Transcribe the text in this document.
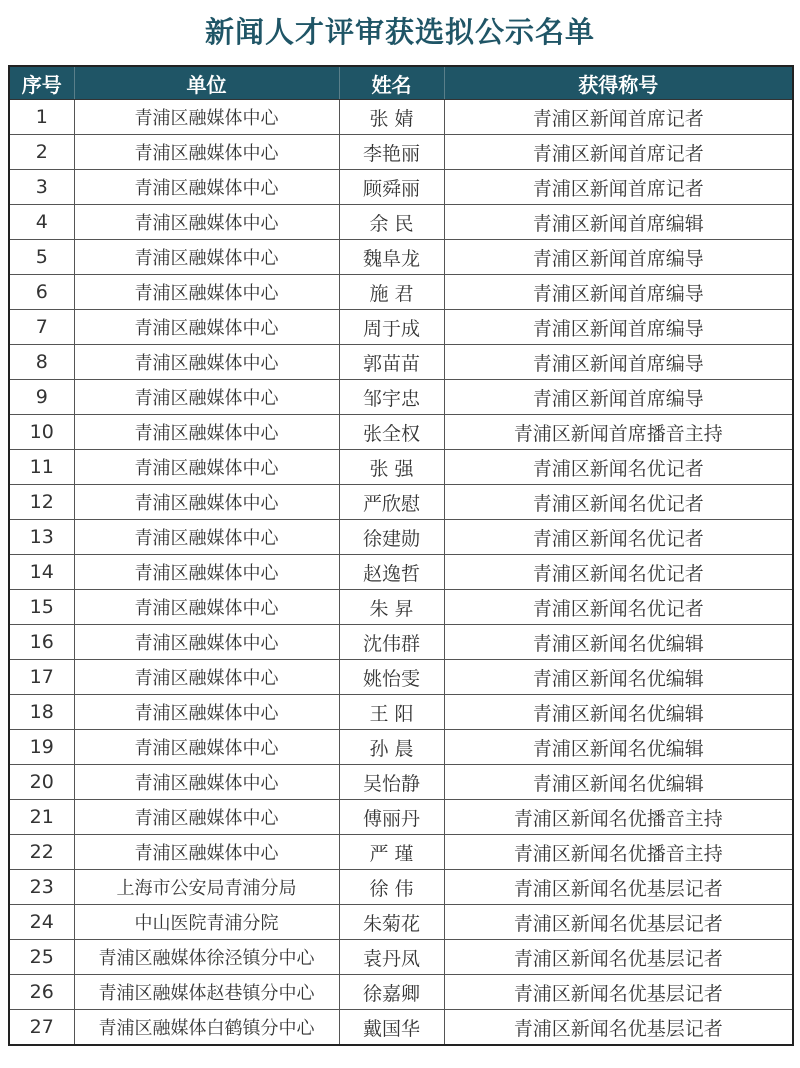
新闻人才评审获选拟公示名单
序号	单位	姓名	获得称号
1	青浦区融媒体中心	张 婧	青浦区新闻首席记者
2	青浦区融媒体中心	李艳丽	青浦区新闻首席记者
3	青浦区融媒体中心	顾舜丽	青浦区新闻首席记者
4	青浦区融媒体中心	余 民	青浦区新闻首席编辑
5	青浦区融媒体中心	魏阜龙	青浦区新闻首席编导
6	青浦区融媒体中心	施 君	青浦区新闻首席编导
7	青浦区融媒体中心	周于成	青浦区新闻首席编导
8	青浦区融媒体中心	郭苗苗	青浦区新闻首席编导
9	青浦区融媒体中心	邹宇忠	青浦区新闻首席编导
10	青浦区融媒体中心	张全权	青浦区新闻首席播音主持
11	青浦区融媒体中心	张 强	青浦区新闻名优记者
12	青浦区融媒体中心	严欣慰	青浦区新闻名优记者
13	青浦区融媒体中心	徐建勋	青浦区新闻名优记者
14	青浦区融媒体中心	赵逸哲	青浦区新闻名优记者
15	青浦区融媒体中心	朱 昇	青浦区新闻名优记者
16	青浦区融媒体中心	沈伟群	青浦区新闻名优编辑
17	青浦区融媒体中心	姚怡雯	青浦区新闻名优编辑
18	青浦区融媒体中心	王 阳	青浦区新闻名优编辑
19	青浦区融媒体中心	孙 晨	青浦区新闻名优编辑
20	青浦区融媒体中心	吴怡静	青浦区新闻名优编辑
21	青浦区融媒体中心	傅丽丹	青浦区新闻名优播音主持
22	青浦区融媒体中心	严 瑾	青浦区新闻名优播音主持
23	上海市公安局青浦分局	徐 伟	青浦区新闻名优基层记者
24	中山医院青浦分院	朱菊花	青浦区新闻名优基层记者
25	青浦区融媒体徐泾镇分中心	袁丹凤	青浦区新闻名优基层记者
26	青浦区融媒体赵巷镇分中心	徐嘉卿	青浦区新闻名优基层记者
27	青浦区融媒体白鹤镇分中心	戴国华	青浦区新闻名优基层记者
